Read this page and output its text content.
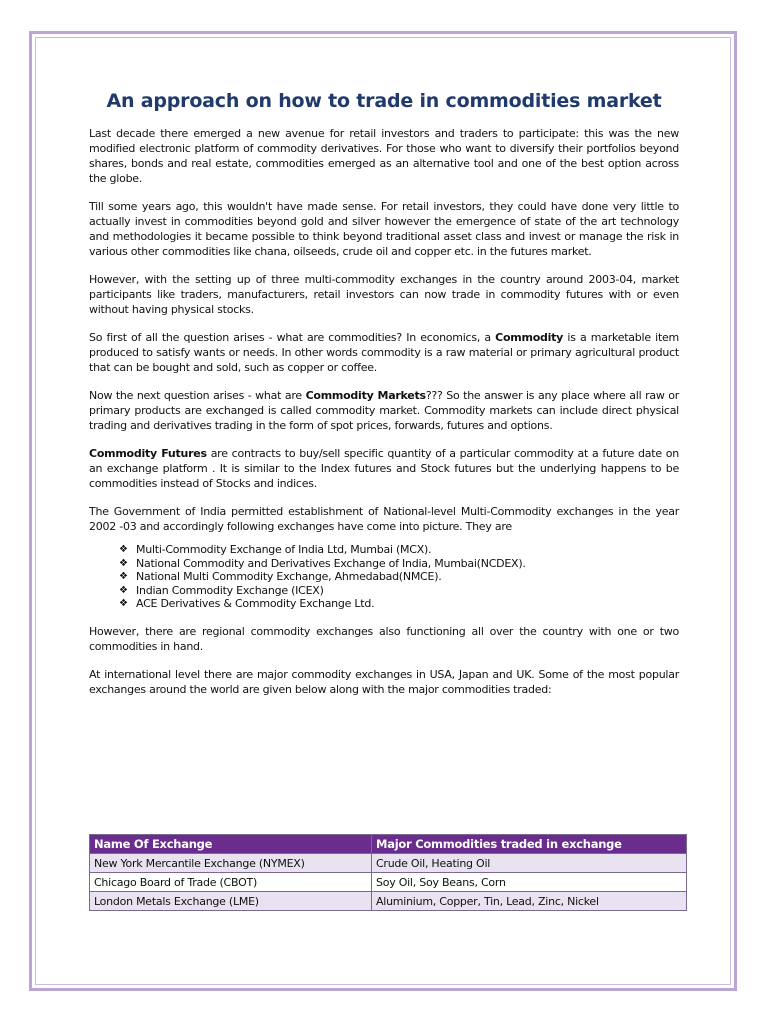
An approach on how to trade in commodities market

Last decade there emerged a new avenue for retail investors and traders to participate: this was the new modified electronic platform of commodity derivatives. For those who want to diversify their portfolios beyond shares, bonds and real estate, commodities emerged as an alternative tool and one of the best option across the globe.

Till some years ago, this wouldn't have made sense. For retail investors, they could have done very little to actually invest in commodities beyond gold and silver however the emergence of state of the art technology and methodologies it became possible to think beyond traditional asset class and invest or manage the risk in various other commodities like chana, oilseeds, crude oil and copper etc. in the futures market.

However, with the setting up of three multi-commodity exchanges in the country around 2003-04, market participants like traders, manufacturers, retail investors can now trade in commodity futures with or even without having physical stocks.

So first of all the question arises - what are commodities? In economics, a Commodity is a marketable item produced to satisfy wants or needs. In other words commodity is a raw material or primary agricultural product that can be bought and sold, such as copper or coffee.

Now the next question arises - what are Commodity Markets??? So the answer is any place where all raw or primary products are exchanged is called commodity market. Commodity markets can include direct physical trading and derivatives trading in the form of spot prices, forwards, futures and options.

Commodity Futures are contracts to buy/sell specific quantity of a particular commodity at a future date on an exchange platform . It is similar to the Index futures and Stock futures but the underlying happens to be commodities instead of Stocks and indices.

The Government of India permitted establishment of National-level Multi-Commodity exchanges in the year 2002 -03 and accordingly following exchanges have come into picture. They are

❖ Multi-Commodity Exchange of India Ltd, Mumbai (MCX).
❖ National Commodity and Derivatives Exchange of India, Mumbai(NCDEX).
❖ National Multi Commodity Exchange, Ahmedabad(NMCE).
❖ Indian Commodity Exchange (ICEX)
❖ ACE Derivatives & Commodity Exchange Ltd.

However, there are regional commodity exchanges also functioning all over the country with one or two commodities in hand.

At international level there are major commodity exchanges in USA, Japan and UK. Some of the most popular exchanges around the world are given below along with the major commodities traded:

Name Of Exchange	Major Commodities traded in exchange
New York Mercantile Exchange (NYMEX)	Crude Oil, Heating Oil
Chicago Board of Trade (CBOT)	Soy Oil, Soy Beans, Corn
London Metals Exchange (LME)	Aluminium, Copper, Tin, Lead, Zinc, Nickel
